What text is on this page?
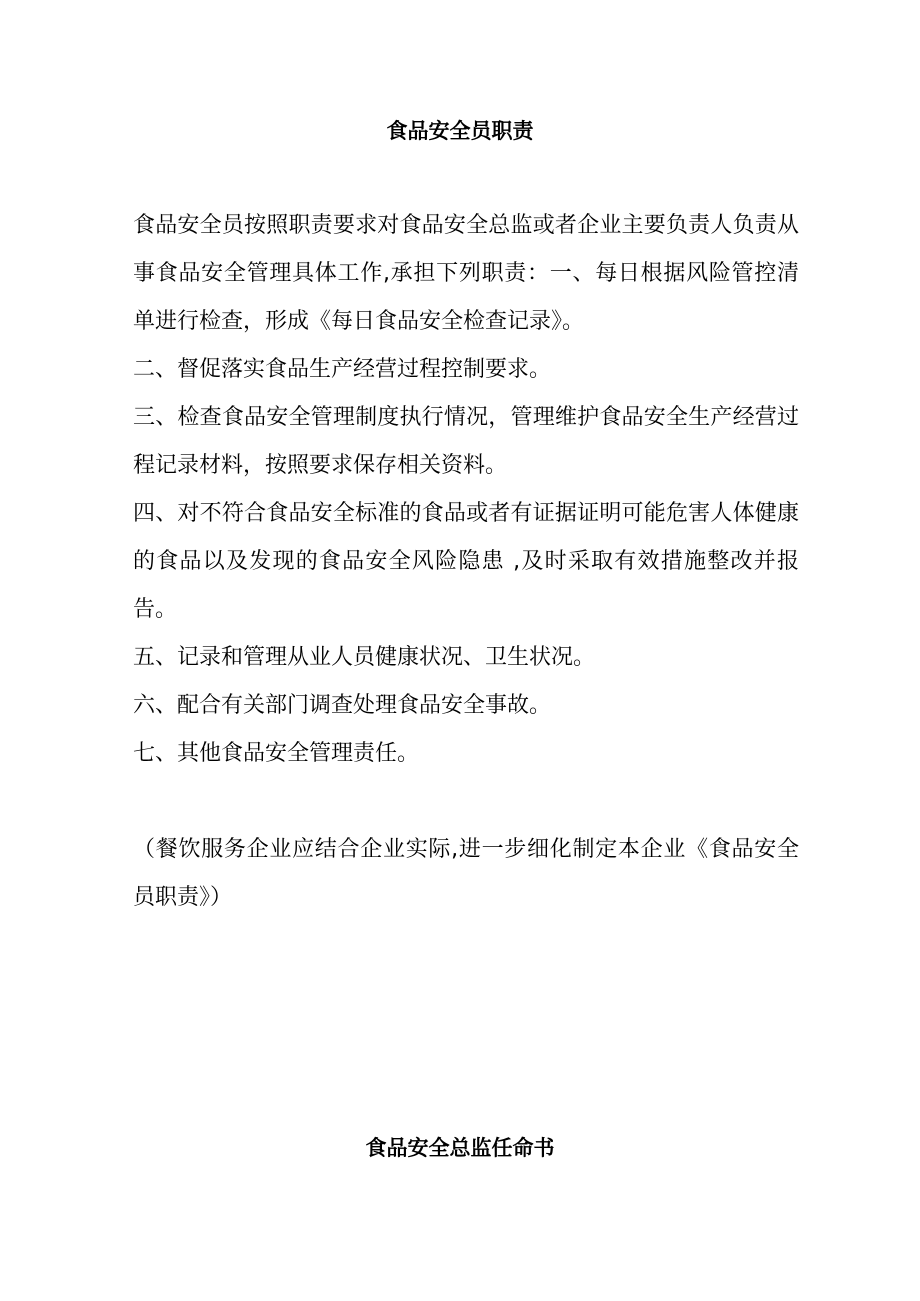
食品安全员职责

食品安全员按照职责要求对食品安全总监或者企业主要负责人负责从事食品安全管理具体工作,承担下列职责：一、每日根据风险管控清单进行检查，形成《每日食品安全检查记录》。

二、督促落实食品生产经营过程控制要求。

三、检查食品安全管理制度执行情况，管理维护食品安全生产经营过程记录材料，按照要求保存相关资料。

四、对不符合食品安全标准的食品或者有证据证明可能危害人体健康的食品以及发现的食品安全风险隐患 ,及时采取有效措施整改并报告。

五、记录和管理从业人员健康状况、卫生状况。

六、配合有关部门调查处理食品安全事故。

七、其他食品安全管理责任。

（餐饮服务企业应结合企业实际,进一步细化制定本企业《食品安全员职责》）

食品安全总监任命书
